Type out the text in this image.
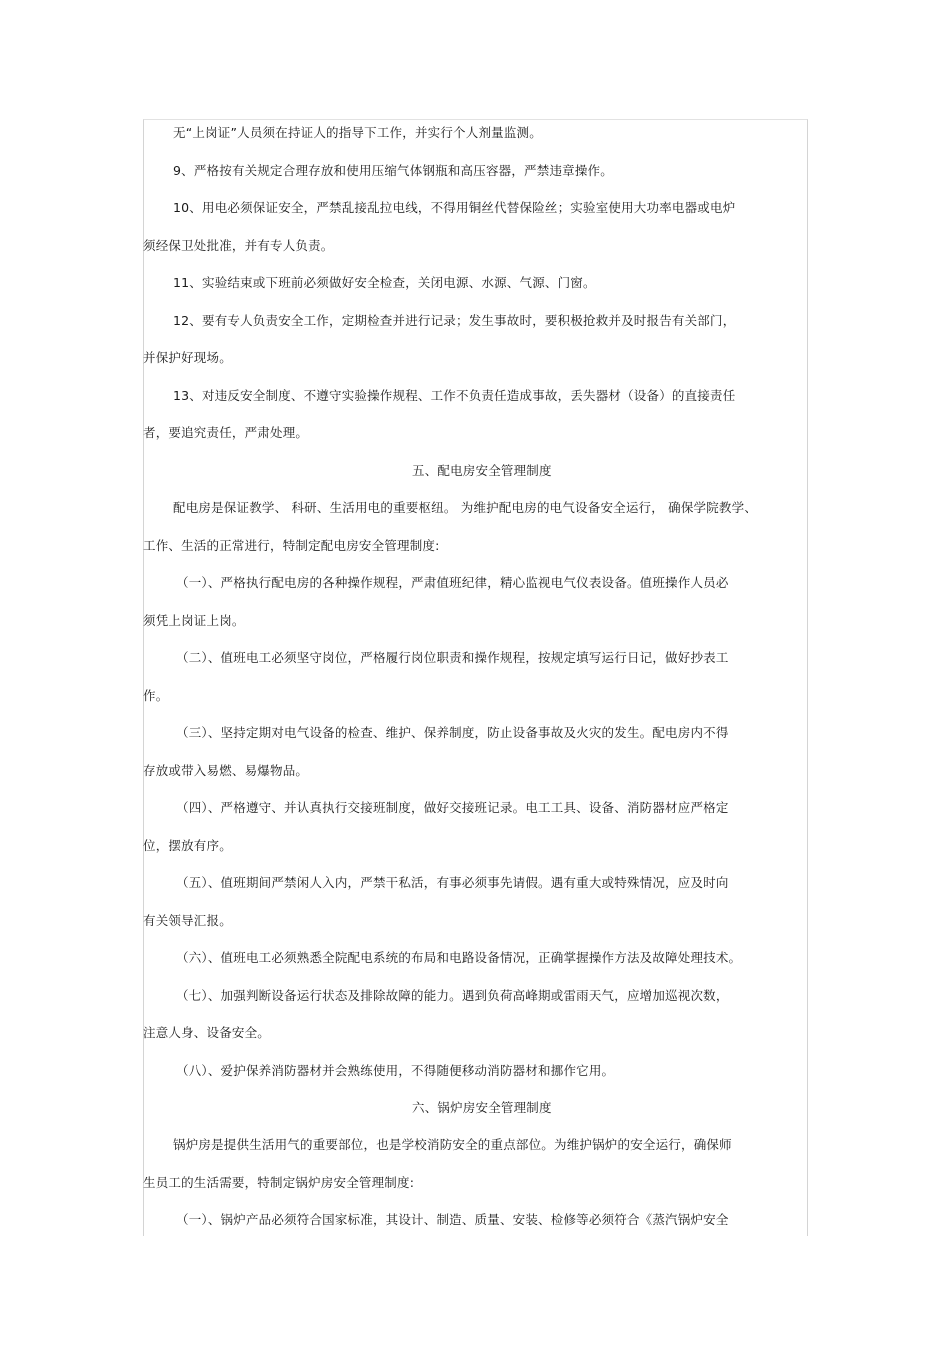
无“上岗证”人员须在持证人的指导下工作，并实行个人剂量监测。
9、严格按有关规定合理存放和使用压缩气体钢瓶和高压容器，严禁违章操作。
10、用电必须保证安全，严禁乱接乱拉电线，不得用铜丝代替保险丝；实验室使用大功率电器或电炉
须经保卫处批准，并有专人负责。
11、实验结束或下班前必须做好安全检查，关闭电源、水源、气源、门窗。
12、要有专人负责安全工作，定期检查并进行记录；发生事故时，要积极抢救并及时报告有关部门，
并保护好现场。
13、对违反安全制度、不遵守实验操作规程、工作不负责任造成事故，丢失器材（设备）的直接责任
者，要追究责任，严肃处理。
五、配电房安全管理制度
配电房是保证教学、 科研、生活用电的重要枢纽。 为维护配电房的电气设备安全运行， 确保学院教学、
工作、生活的正常进行，特制定配电房安全管理制度:
（一）、严格执行配电房的各种操作规程，严肃值班纪律，精心监视电气仪表设备。值班操作人员必
须凭上岗证上岗。
（二）、值班电工必须坚守岗位，严格履行岗位职责和操作规程，按规定填写运行日记，做好抄表工
作。
（三）、坚持定期对电气设备的检查、维护、保养制度，防止设备事故及火灾的发生。配电房内不得
存放或带入易燃、易爆物品。
（四）、严格遵守、并认真执行交接班制度，做好交接班记录。电工工具、设备、消防器材应严格定
位，摆放有序。
（五）、值班期间严禁闲人入内，严禁干私活，有事必须事先请假。遇有重大或特殊情况，应及时向
有关领导汇报。
（六）、值班电工必须熟悉全院配电系统的布局和电路设备情况，正确掌握操作方法及故障处理技术。
（七）、加强判断设备运行状态及排除故障的能力。遇到负荷高峰期或雷雨天气，应增加巡视次数，
注意人身、设备安全。
（八）、爱护保养消防器材并会熟练使用，不得随便移动消防器材和挪作它用。
六、锅炉房安全管理制度
锅炉房是提供生活用气的重要部位，也是学校消防安全的重点部位。为维护锅炉的安全运行，确保师
生员工的生活需要，特制定锅炉房安全管理制度:
（一）、锅炉产品必须符合国家标准，其设计、制造、质量、安装、检修等必须符合《蒸汽锅炉安全
